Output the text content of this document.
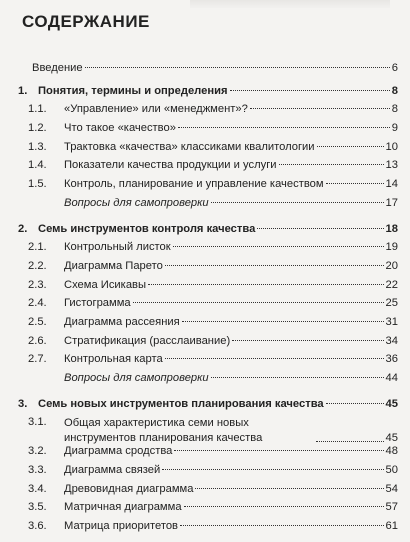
СОДЕРЖАНИЕ
Введение	6
1. Понятия, термины и определения	8
1.1.	«Управление» или «менеджмент»?	8
1.2.	Что такое «качество»	9
1.3.	Трактовка «качества» классиками квалитологии	10
1.4.	Показатели качества продукции и услуги	13
1.5.	Контроль, планирование и управление качеством	14
Вопросы для самопроверки	17
2. Семь инструментов контроля качества	18
2.1.	Контрольный листок	19
2.2.	Диаграмма Парето	20
2.3.	Схема Исикавы	22
2.4.	Гистограмма	25
2.5.	Диаграмма рассеяния	31
2.6.	Стратификация (расслаивание)	34
2.7.	Контрольная карта	36
Вопросы для самопроверки	44
3. Семь новых инструментов планирования качества	45
3.1.	Общая характеристика семи новых инструментов планирования качества	45
3.2.	Диаграмма сродства	48
3.3.	Диаграмма связей	50
3.4.	Древовидная диаграмма	54
3.5.	Матричная диаграмма	57
3.6.	Матрица приоритетов	61
